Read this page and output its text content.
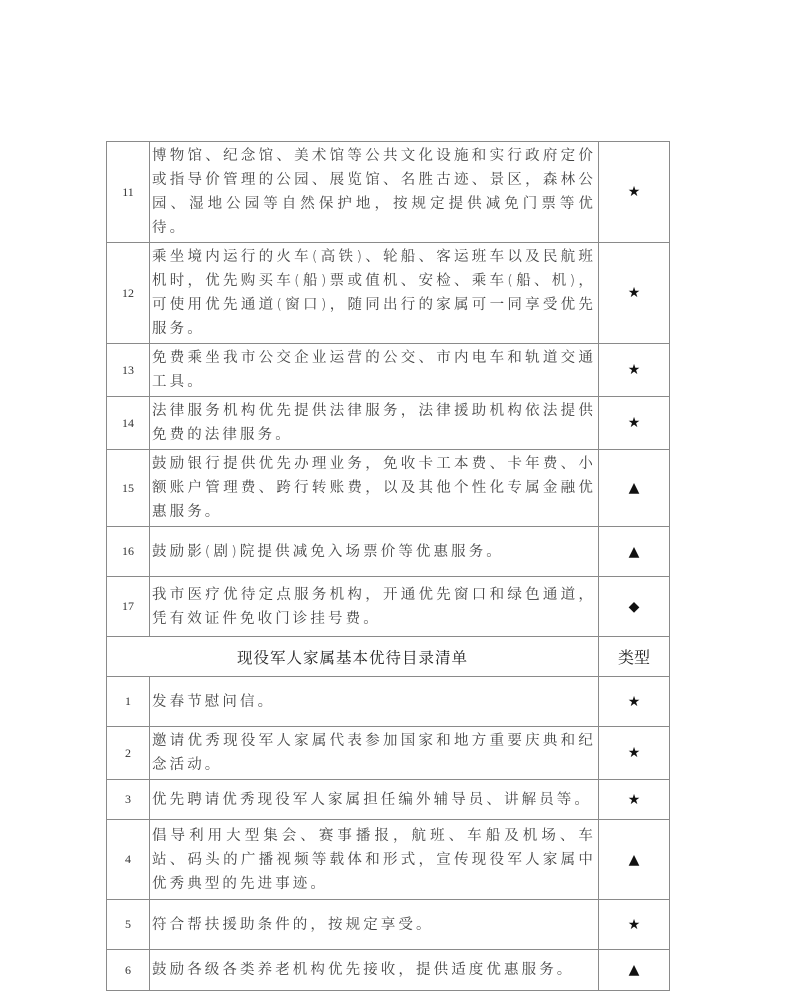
11	博物馆、纪念馆、美术馆等公共文化设施和实行政府定价或指导价管理的公园、展览馆、名胜古迹、景区，森林公园、湿地公园等自然保护地，按规定提供减免门票等优待。	★
12	乘坐境内运行的火车(高铁)、轮船、客运班车以及民航班机时，优先购买车(船)票或值机、安检、乘车(船、机)，可使用优先通道(窗口)，随同出行的家属可一同享受优先服务。	★
13	免费乘坐我市公交企业运营的公交、市内电车和轨道交通工具。	★
14	法律服务机构优先提供法律服务，法律援助机构依法提供免费的法律服务。	★
15	鼓励银行提供优先办理业务，免收卡工本费、卡年费、小额账户管理费、跨行转账费，以及其他个性化专属金融优惠服务。	▲
16	鼓励影(剧)院提供减免入场票价等优惠服务。	▲
17	我市医疗优待定点服务机构，开通优先窗口和绿色通道，凭有效证件免收门诊挂号费。	◆
现役军人家属基本优待目录清单		类型
1	发春节慰问信。	★
2	邀请优秀现役军人家属代表参加国家和地方重要庆典和纪念活动。	★
3	优先聘请优秀现役军人家属担任编外辅导员、讲解员等。	★
4	倡导利用大型集会、赛事播报，航班、车船及机场、车站、码头的广播视频等载体和形式，宣传现役军人家属中优秀典型的先进事迹。	▲
5	符合帮扶援助条件的，按规定享受。	★
6	鼓励各级各类养老机构优先接收，提供适度优惠服务。	▲
